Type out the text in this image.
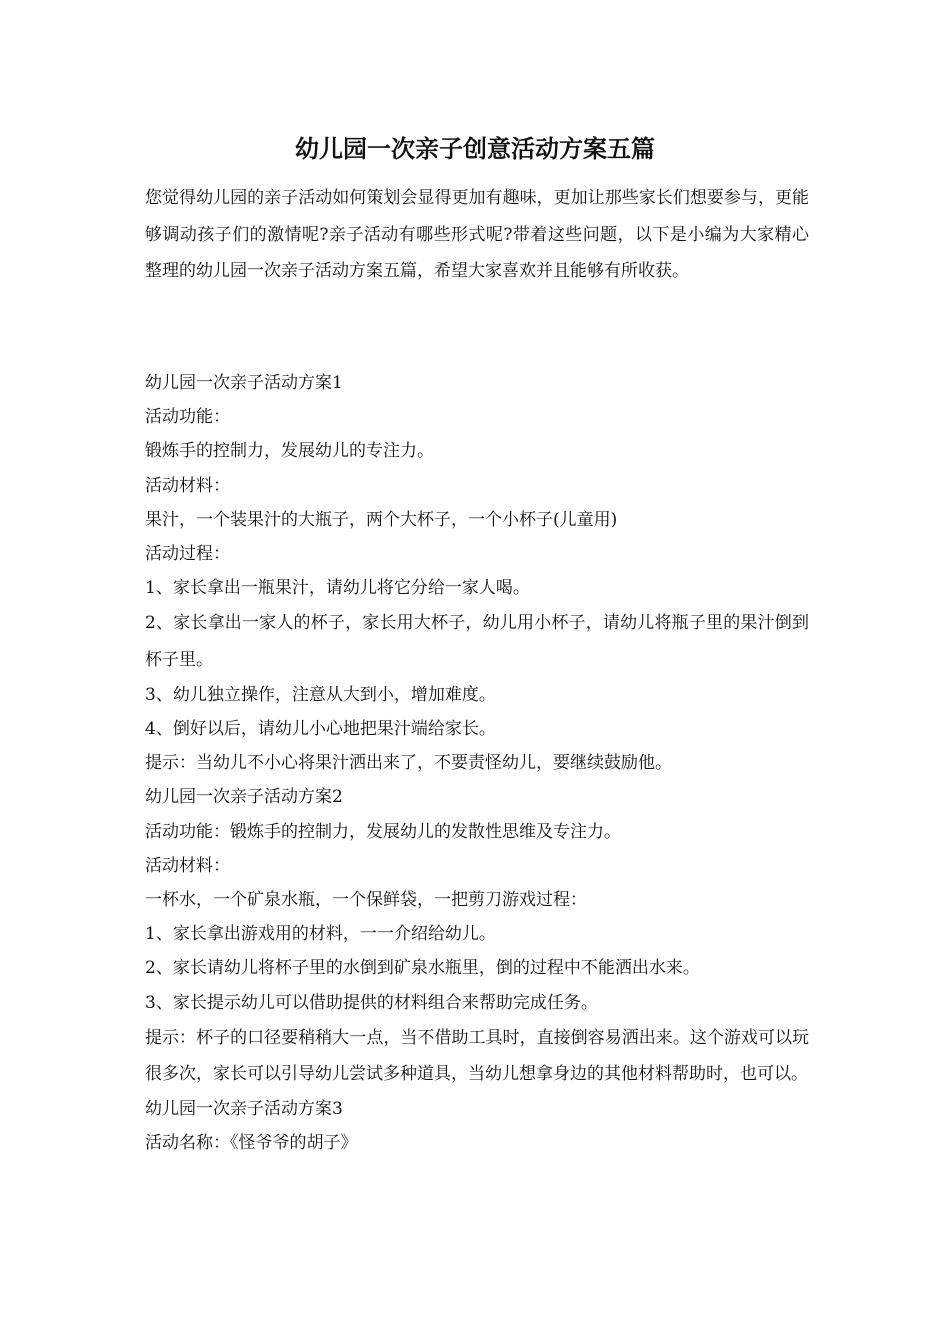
幼儿园一次亲子创意活动方案五篇

您觉得幼儿园的亲子活动如何策划会显得更加有趣味，更加让那些家长们想要参与，更能够调动孩子们的激情呢?亲子活动有哪些形式呢?带着这些问题，以下是小编为大家精心整理的幼儿园一次亲子活动方案五篇，希望大家喜欢并且能够有所收获。

幼儿园一次亲子活动方案1

活动功能：

锻炼手的控制力，发展幼儿的专注力。

活动材料：

果汁，一个装果汁的大瓶子，两个大杯子，一个小杯子(儿童用)

活动过程：

1、家长拿出一瓶果汁，请幼儿将它分给一家人喝。

2、家长拿出一家人的杯子，家长用大杯子，幼儿用小杯子，请幼儿将瓶子里的果汁倒到杯子里。

3、幼儿独立操作，注意从大到小，增加难度。

4、倒好以后，请幼儿小心地把果汁端给家长。

提示：当幼儿不小心将果汁洒出来了，不要责怪幼儿，要继续鼓励他。

幼儿园一次亲子活动方案2

活动功能：锻炼手的控制力，发展幼儿的发散性思维及专注力。

活动材料：

一杯水，一个矿泉水瓶，一个保鲜袋，一把剪刀游戏过程：

1、家长拿出游戏用的材料，一一介绍给幼儿。

2、家长请幼儿将杯子里的水倒到矿泉水瓶里，倒的过程中不能洒出水来。

3、家长提示幼儿可以借助提供的材料组合来帮助完成任务。

提示：杯子的口径要稍稍大一点，当不借助工具时，直接倒容易洒出来。这个游戏可以玩很多次，家长可以引导幼儿尝试多种道具，当幼儿想拿身边的其他材料帮助时，也可以。

幼儿园一次亲子活动方案3

活动名称：《怪爷爷的胡子》
